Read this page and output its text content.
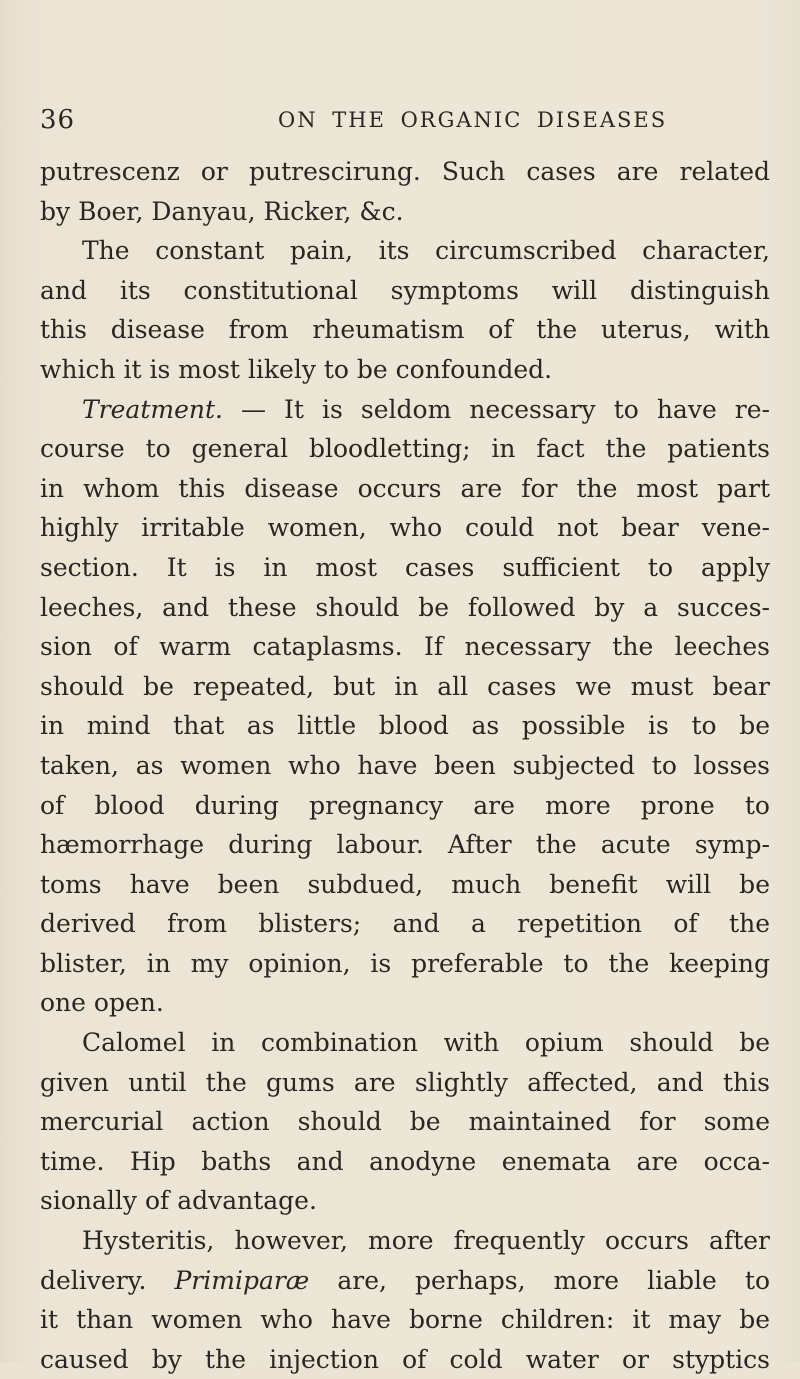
36	ON THE ORGANIC DISEASES
putrescenz or putrescirung. Such cases are related
by Boer, Danyau, Ricker, &c.
The constant pain, its circumscribed character,
and its constitutional symptoms will distinguish
this disease from rheumatism of the uterus, with
which it is most likely to be confounded.
Treatment. — It is seldom necessary to have re-
course to general bloodletting; in fact the patients
in whom this disease occurs are for the most part
highly irritable women, who could not bear vene-
section. It is in most cases sufficient to apply
leeches, and these should be followed by a succes-
sion of warm cataplasms. If necessary the leeches
should be repeated, but in all cases we must bear
in mind that as little blood as possible is to be
taken, as women who have been subjected to losses
of blood during pregnancy are more prone to
hæmorrhage during labour. After the acute symp-
toms have been subdued, much benefit will be
derived from blisters; and a repetition of the
blister, in my opinion, is preferable to the keeping
one open.
Calomel in combination with opium should be
given until the gums are slightly affected, and this
mercurial action should be maintained for some
time. Hip baths and anodyne enemata are occa-
sionally of advantage.
Hysteritis, however, more frequently occurs after
delivery. Primiparæ are, perhaps, more liable to
it than women who have borne children: it may be
caused by the injection of cold water or styptics
